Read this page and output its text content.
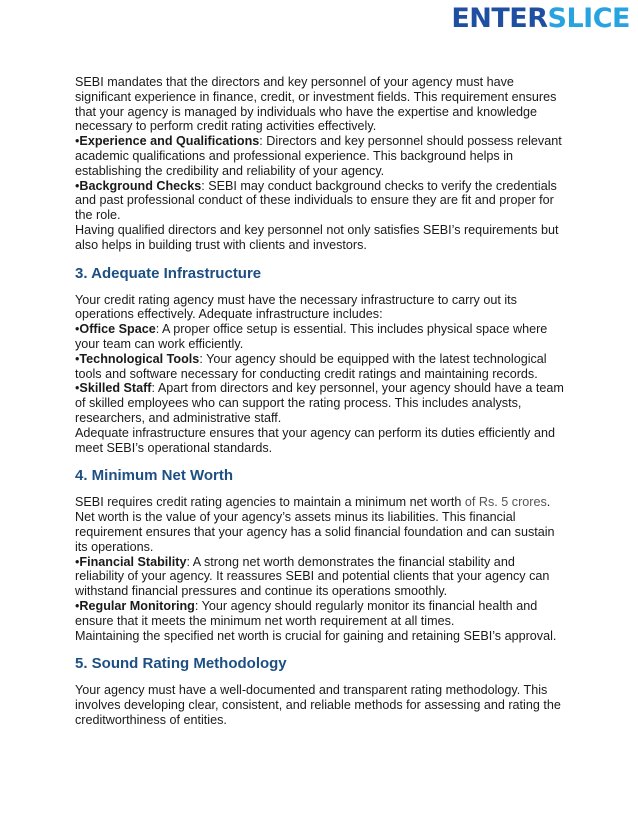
ENTERSLICE

SEBI mandates that the directors and key personnel of your agency must have significant experience in finance, credit, or investment fields. This requirement ensures that your agency is managed by individuals who have the expertise and knowledge necessary to perform credit rating activities effectively.

•Experience and Qualifications: Directors and key personnel should possess relevant academic qualifications and professional experience. This background helps in establishing the credibility and reliability of your agency.

•Background Checks: SEBI may conduct background checks to verify the credentials and past professional conduct of these individuals to ensure they are fit and proper for the role.

Having qualified directors and key personnel not only satisfies SEBI’s requirements but also helps in building trust with clients and investors.

3. Adequate Infrastructure

Your credit rating agency must have the necessary infrastructure to carry out its operations effectively. Adequate infrastructure includes:

•Office Space: A proper office setup is essential. This includes physical space where your team can work efficiently.

•Technological Tools: Your agency should be equipped with the latest technological tools and software necessary for conducting credit ratings and maintaining records.

•Skilled Staff: Apart from directors and key personnel, your agency should have a team of skilled employees who can support the rating process. This includes analysts, researchers, and administrative staff.

Adequate infrastructure ensures that your agency can perform its duties efficiently and meet SEBI’s operational standards.

4. Minimum Net Worth

SEBI requires credit rating agencies to maintain a minimum net worth of Rs. 5 crores. Net worth is the value of your agency’s assets minus its liabilities. This financial requirement ensures that your agency has a solid financial foundation and can sustain its operations.

•Financial Stability: A strong net worth demonstrates the financial stability and reliability of your agency. It reassures SEBI and potential clients that your agency can withstand financial pressures and continue its operations smoothly.

•Regular Monitoring: Your agency should regularly monitor its financial health and ensure that it meets the minimum net worth requirement at all times.

Maintaining the specified net worth is crucial for gaining and retaining SEBI’s approval.

5. Sound Rating Methodology

Your agency must have a well-documented and transparent rating methodology. This involves developing clear, consistent, and reliable methods for assessing and rating the creditworthiness of entities.
